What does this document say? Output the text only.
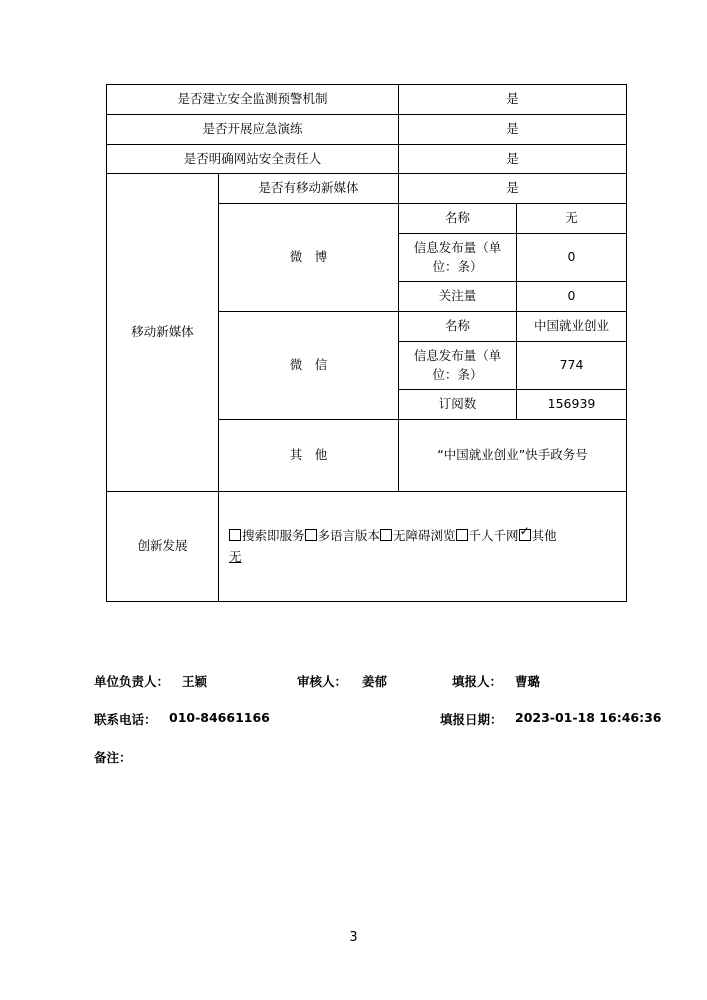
是否建立安全监测预警机制		是	
是否开展应急演练		是	
是否明确网站安全责任人		是	
移动新媒体	是否有移动新媒体	是	
	微　博	名称	无
		信息发布量（单位：条）	0
		关注量	0
	微　信	名称	中国就业创业
		信息发布量（单位：条）	774
		订阅数	156939
	其　他	“中国就业创业”快手政务号	
创新发展	搜索即服务 多语言版本 无障碍浏览 千人千网 ✓ 其他
无
单位负责人： 王颖	审核人： 姜郁	填报人： 曹璐
联系电话： 010-84661166	填报日期： 2023-01-18 16:46:36
备注：
3
